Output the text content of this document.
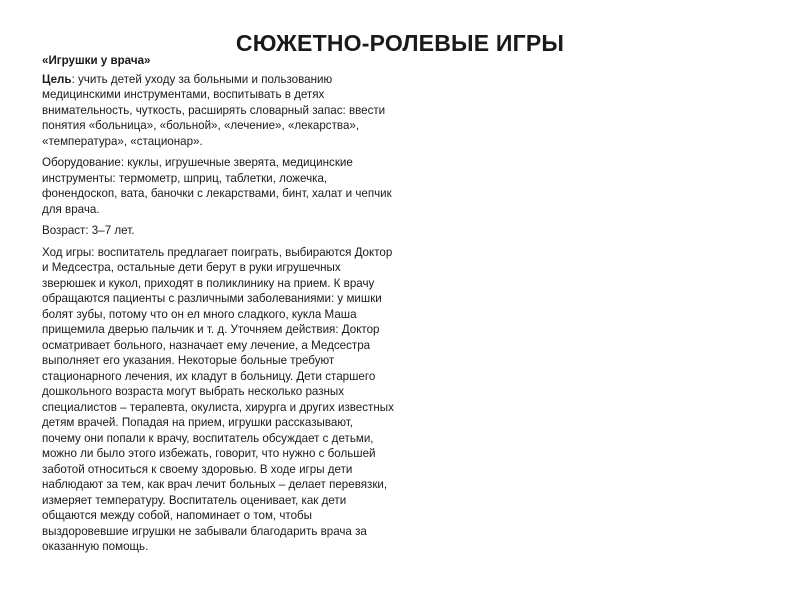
СЮЖЕТНО-РОЛЕВЫЕ ИГРЫ

«Игрушки у врача»

Цель: учить детей уходу за больными и пользованию медицинскими инструментами, воспитывать в детях внимательность, чуткость, расширять словарный запас: ввести понятия «больница», «больной», «лечение», «лекарства», «температура», «стационар».

Оборудование: куклы, игрушечные зверята, медицинские инструменты: термометр, шприц, таблетки, ложечка, фонендоскоп, вата, баночки с лекарствами, бинт, халат и чепчик для врача.

Возраст: 3–7 лет.

Ход игры: воспитатель предлагает поиграть, выбираются Доктор и Медсестра, остальные дети берут в руки игрушечных зверюшек и кукол, приходят в поликлинику на прием. К врачу обращаются пациенты с различными заболеваниями: у мишки болят зубы, потому что он ел много сладкого, кукла Маша прищемила дверью пальчик и т. д. Уточняем действия: Доктор осматривает больного, назначает ему лечение, а Медсестра выполняет его указания. Некоторые больные требуют стационарного лечения, их кладут в больницу. Дети старшего дошкольного возраста могут выбрать несколько разных специалистов – терапевта, окулиста, хирурга и других известных детям врачей. Попадая на прием, игрушки рассказывают, почему они попали к врачу, воспитатель обсуждает с детьми, можно ли было этого избежать, говорит, что нужно с большей заботой относиться к своему здоровью. В ходе игры дети наблюдают за тем, как врач лечит больных – делает перевязки, измеряет температуру. Воспитатель оценивает, как дети общаются между собой, напоминает о том, чтобы выздоровевшие игрушки не забывали благодарить врача за оказанную помощь.
